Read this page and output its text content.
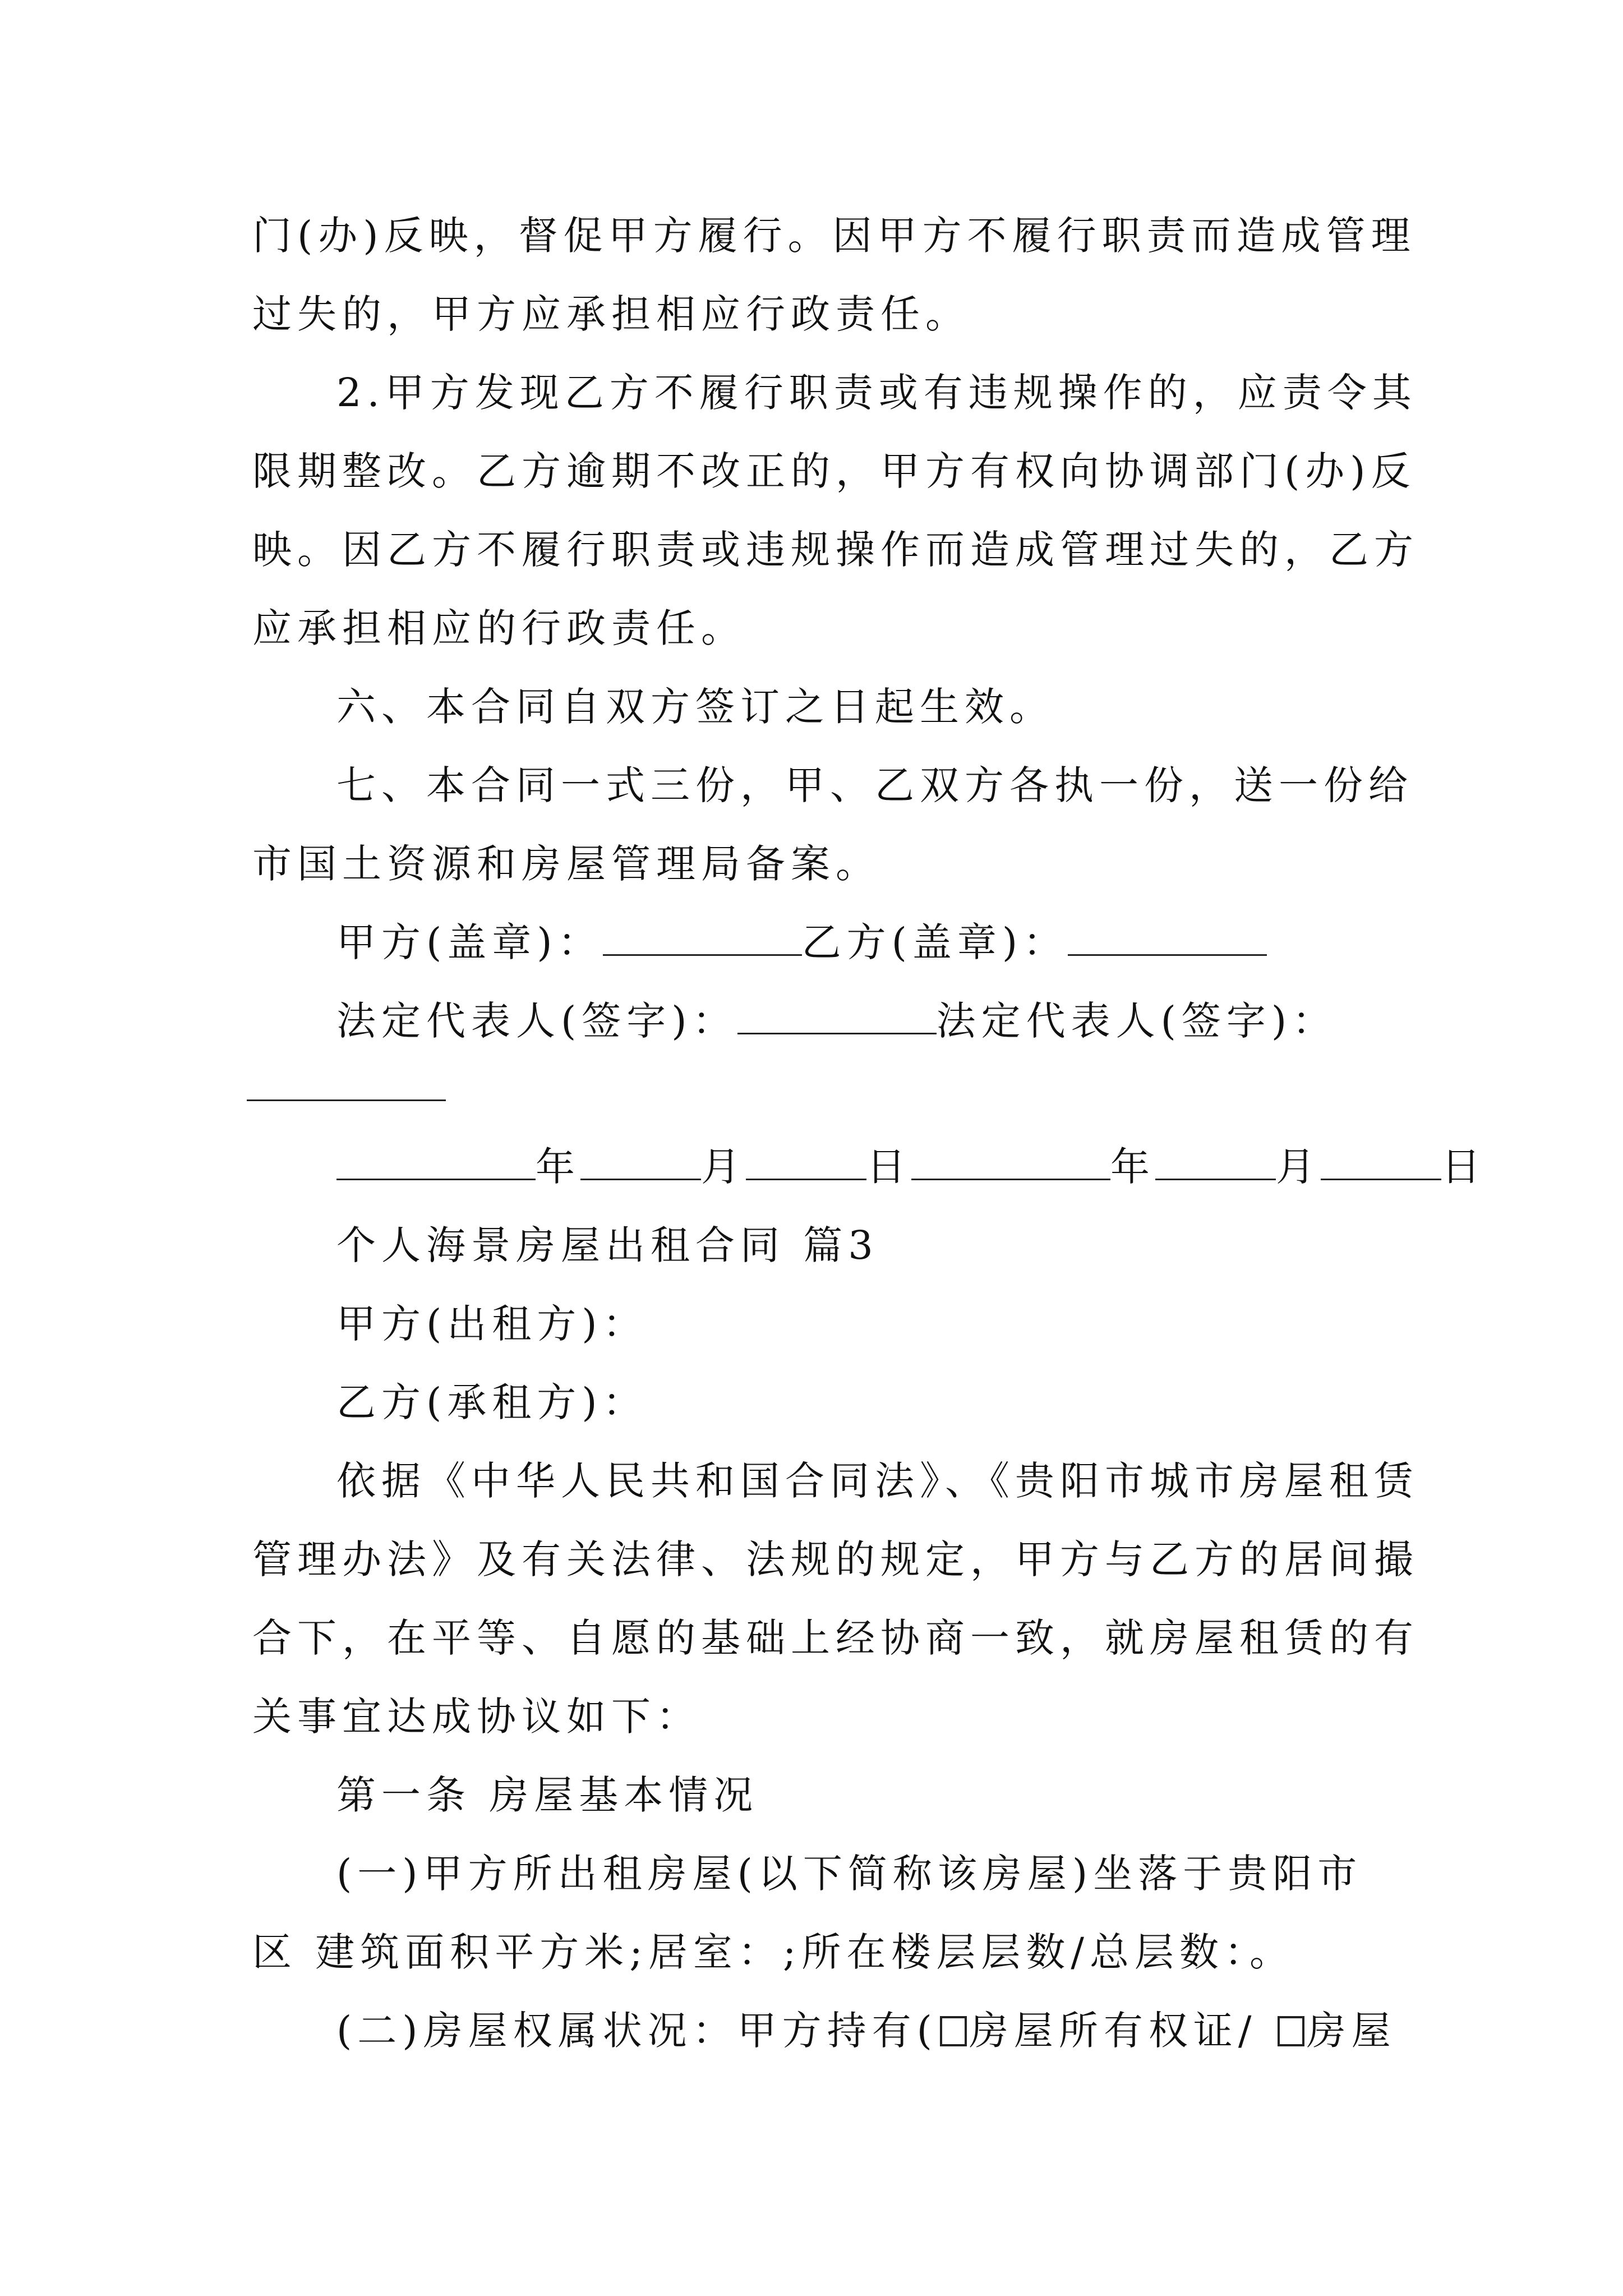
门(办)反映，督促甲方履行。因甲方不履行职责而造成管理
过失的，甲方应承担相应行政责任。
2.甲方发现乙方不履行职责或有违规操作的，应责令其
限期整改。乙方逾期不改正的，甲方有权向协调部门(办)反
映。因乙方不履行职责或违规操作而造成管理过失的，乙方
应承担相应的行政责任。
六、本合同自双方签订之日起生效。
七、本合同一式三份，甲、乙双方各执一份，送一份给
市国土资源和房屋管理局备案。
甲方(盖章)：	乙方(盖章)：
法定代表人(签字)：	法定代表人(签字)：
年	月	日	年	月	日
个人海景房屋出租合同 篇3
甲方(出租方)：
乙方(承租方)：
依据《中华人民共和国合同法》、《贵阳市城市房屋租赁
管理办法》及有关法律、法规的规定，甲方与乙方的居间撮
合下，在平等、自愿的基础上经协商一致，就房屋租赁的有
关事宜达成协议如下：
第一条 房屋基本情况
(一)甲方所出租房屋(以下简称该房屋)坐落于贵阳市
区 建筑面积平方米;居室：;所在楼层层数/总层数：。
(二)房屋权属状况：甲方持有( 房屋所有权证/ 房屋
